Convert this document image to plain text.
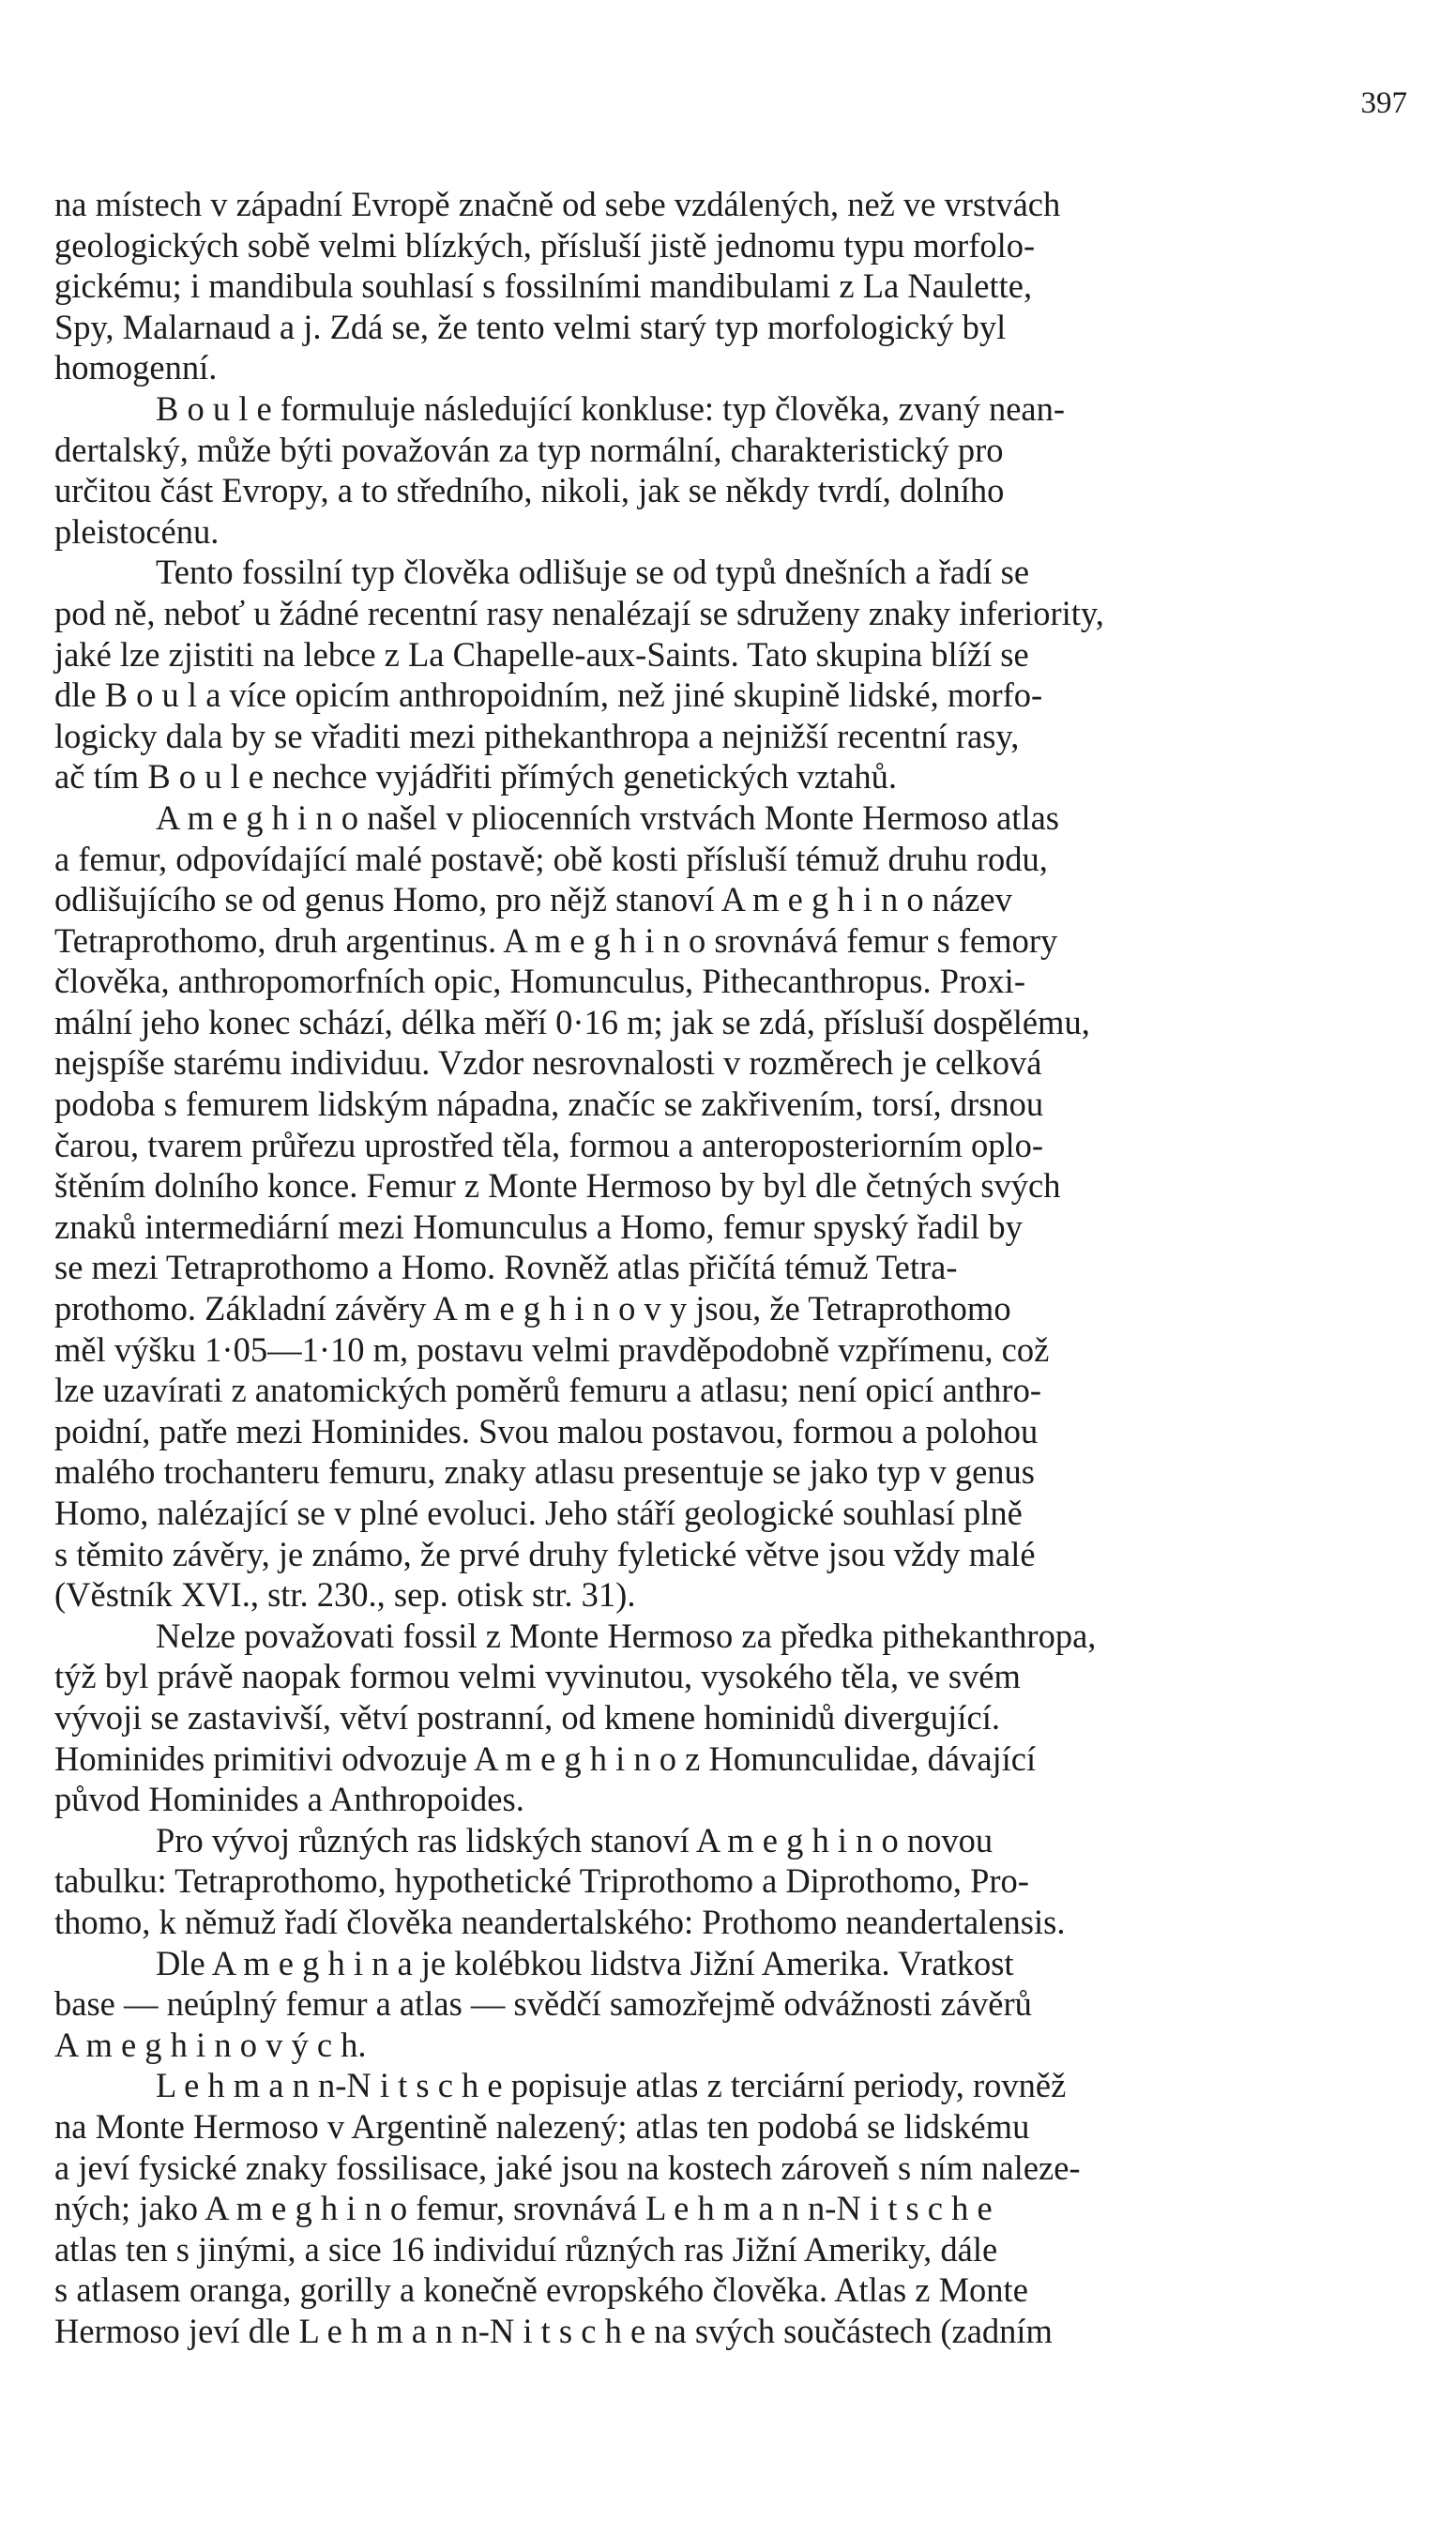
397

na místech v západní Evropě značně od sebe vzdálených, než ve vrstvách
geologických sobě velmi blízkých, přísluší jistě jednomu typu morfolo-
gickému; i mandibula souhlasí s fossilními mandibulami z La Naulette,
Spy, Malarnaud a j. Zdá se, že tento velmi starý typ morfologický byl
homogenní.

B o u l e formuluje následující konkluse: typ člověka, zvaný nean-
dertalský, může býti považován za typ normální, charakteristický pro
určitou část Evropy, a to středního, nikoli, jak se někdy tvrdí, dolního
pleistocénu.

Tento fossilní typ člověka odlišuje se od typů dnešních a řadí se
pod ně, neboť u žádné recentní rasy nenalézají se sdruženy znaky inferiority,
jaké lze zjistiti na lebce z La Chapelle-aux-Saints. Tato skupina blíží se
dle B o u l a více opicím anthropoidním, než jiné skupině lidské, morfo-
logicky dala by se vřaditi mezi pithekanthropa a nejnižší recentní rasy,
ač tím B o u l e nechce vyjádřiti přímých genetických vztahů.

A m e g h i n o našel v pliocenních vrstvách Monte Hermoso atlas
a femur, odpovídající malé postavě; obě kosti přísluší témuž druhu rodu,
odlišujícího se od genus Homo, pro nějž stanoví A m e g h i n o název
Tetraprothomo, druh argentinus. A m e g h i n o srovnává femur s femory
člověka, anthropomorfních opic, Homunculus, Pithecanthropus. Proxi-
mální jeho konec schází, délka měří 0·16 m; jak se zdá, přísluší dospělému,
nejspíše starému individuu. Vzdor nesrovnalosti v rozměrech je celková
podoba s femurem lidským nápadna, značíc se zakřivením, torsí, drsnou
čarou, tvarem průřezu uprostřed těla, formou a anteroposteriorním oplo-
štěním dolního konce. Femur z Monte Hermoso by byl dle četných svých
znaků intermediární mezi Homunculus a Homo, femur spyský řadil by
se mezi Tetraprothomo a Homo. Rovněž atlas přičítá témuž Tetra-
prothomo. Základní závěry A m e g h i n o v y jsou, že Tetraprothomo
měl výšku 1·05—1·10 m, postavu velmi pravděpodobně vzpřímenu, což
lze uzavírati z anatomických poměrů femuru a atlasu; není opicí anthro-
poidní, patře mezi Hominides. Svou malou postavou, formou a polohou
malého trochanteru femuru, znaky atlasu presentuje se jako typ v genus
Homo, nalézající se v plné evoluci. Jeho stáří geologické souhlasí plně
s těmito závěry, je známo, že prvé druhy fyletické větve jsou vždy malé
(Věstník XVI., str. 230., sep. otisk str. 31).

Nelze považovati fossil z Monte Hermoso za předka pithekanthropa,
týž byl právě naopak formou velmi vyvinutou, vysokého těla, ve svém
vývoji se zastavivší, větví postranní, od kmene hominidů divergující.
Hominides primitivi odvozuje A m e g h i n o z Homunculidae, dávající
původ Hominides a Anthropoides.

Pro vývoj různých ras lidských stanoví A m e g h i n o novou
tabulku: Tetraprothomo, hypothetické Triprothomo a Diprothomo, Pro-
thomo, k němuž řadí člověka neandertalského: Prothomo neandertalensis.

Dle A m e g h i n a je kolébkou lidstva Jižní Amerika. Vratkost
base — neúplný femur a atlas — svědčí samozřejmě odvážnosti závěrů
A m e g h i n o v ý c h.

L e h m a n n-N i t s c h e popisuje atlas z terciární periody, rovněž
na Monte Hermoso v Argentině nalezený; atlas ten podobá se lidskému
a jeví fysické znaky fossilisace, jaké jsou na kostech zároveň s ním naleze-
ných; jako A m e g h i n o femur, srovnává L e h m a n n-N i t s c h e
atlas ten s jinými, a sice 16 individuí různých ras Jižní Ameriky, dále
s atlasem oranga, gorilly a konečně evropského člověka. Atlas z Monte
Hermoso jeví dle L e h m a n n-N i t s c h e na svých součástech (zadním
